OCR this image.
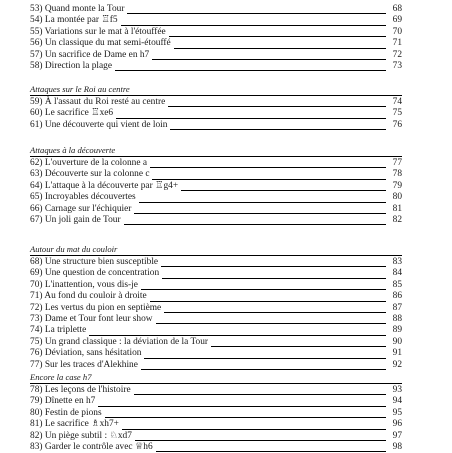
53) Quand monte la Tour	68
54) La montée par ♖f5	69
55) Variations sur le mat à l'étouffée	70
56) Un classique du mat semi-étouffé	71
57) Un sacrifice de Dame en h7	72
58) Direction la plage	73
Attaques sur le Roi au centre
59) À l'assaut du Roi resté au centre	74
60) Le sacrifice ♖xe6	75
61) Une découverte qui vient de loin	76
Attaques à la découverte
62) L'ouverture de la colonne a	77
63) Découverte sur la colonne c	78
64) L'attaque à la découverte par ♖g4+	79
65) Incroyables découvertes	80
66) Carnage sur l'échiquier	81
67) Un joli gain de Tour	82
Autour du mat du couloir
68) Une structure bien susceptible	83
69) Une question de concentration	84
70) L'inattention, vous dis-je	85
71) Au fond du couloir à droite	86
72) Les vertus du pion en septième	87
73) Dame et Tour font leur show	88
74) La triplette	89
75) Un grand classique : la déviation de la Tour	90
76) Déviation, sans hésitation	91
77) Sur les traces d'Alekhine	92
Encore la case h7
78) Les leçons de l'histoire	93
79) Dînette en h7	94
80) Festin de pions	95
81) Le sacrifice ♗xh7+	96
82) Un piège subtil : ♘xd7	97
83) Garder le contrôle avec ♕h6	98
